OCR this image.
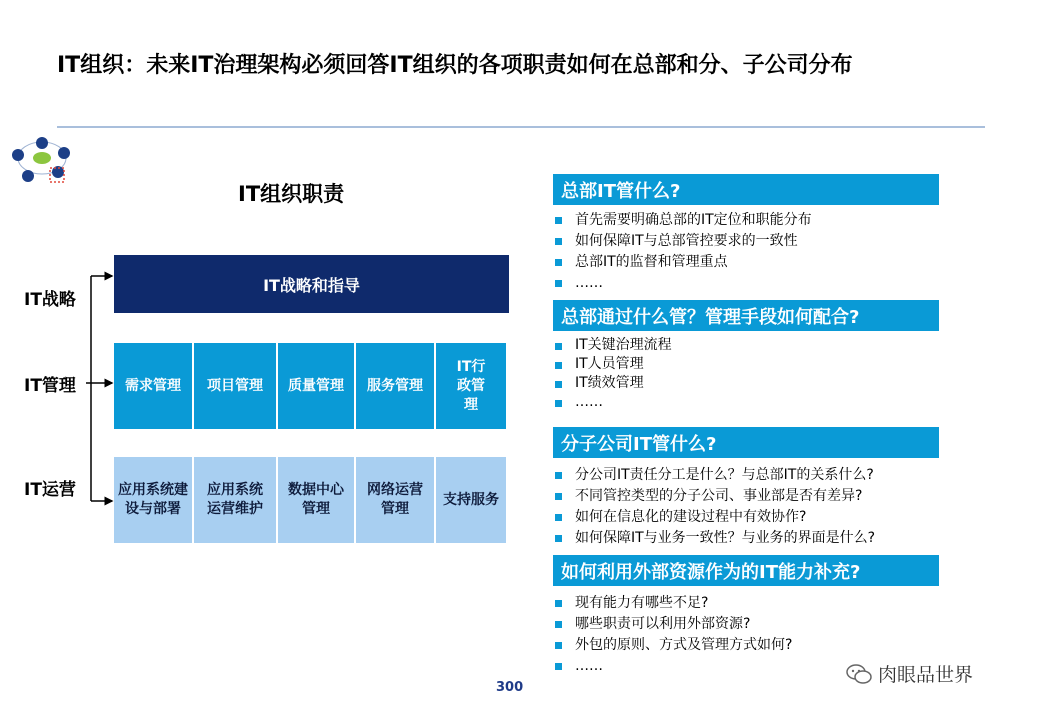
IT组织：未来IT治理架构必须回答IT组织的各项职责如何在总部和分、子公司分布
IT组织职责
IT战略
IT管理
IT运营
IT战略和指导
需求管理	项目管理	质量管理	服务管理
IT行政管理
应用系统建设与部署
应用系统运营维护
数据中心管理
网络运营管理
支持服务
总部IT管什么?
首先需要明确总部的IT定位和职能分布
如何保障IT与总部管控要求的一致性
总部IT的监督和管理重点
……
总部通过什么管？管理手段如何配合?
IT关键治理流程
IT人员管理
IT绩效管理
……
分子公司IT管什么?
分公司IT责任分工是什么？与总部IT的关系什么?
不同管控类型的分子公司、事业部是否有差异?
如何在信息化的建设过程中有效协作?
如何保障IT与业务一致性？与业务的界面是什么?
如何利用外部资源作为的IT能力补充?
现有能力有哪些不足?
哪些职责可以利用外部资源?
外包的原则、方式及管理方式如何?
……
300
肉眼品世界
